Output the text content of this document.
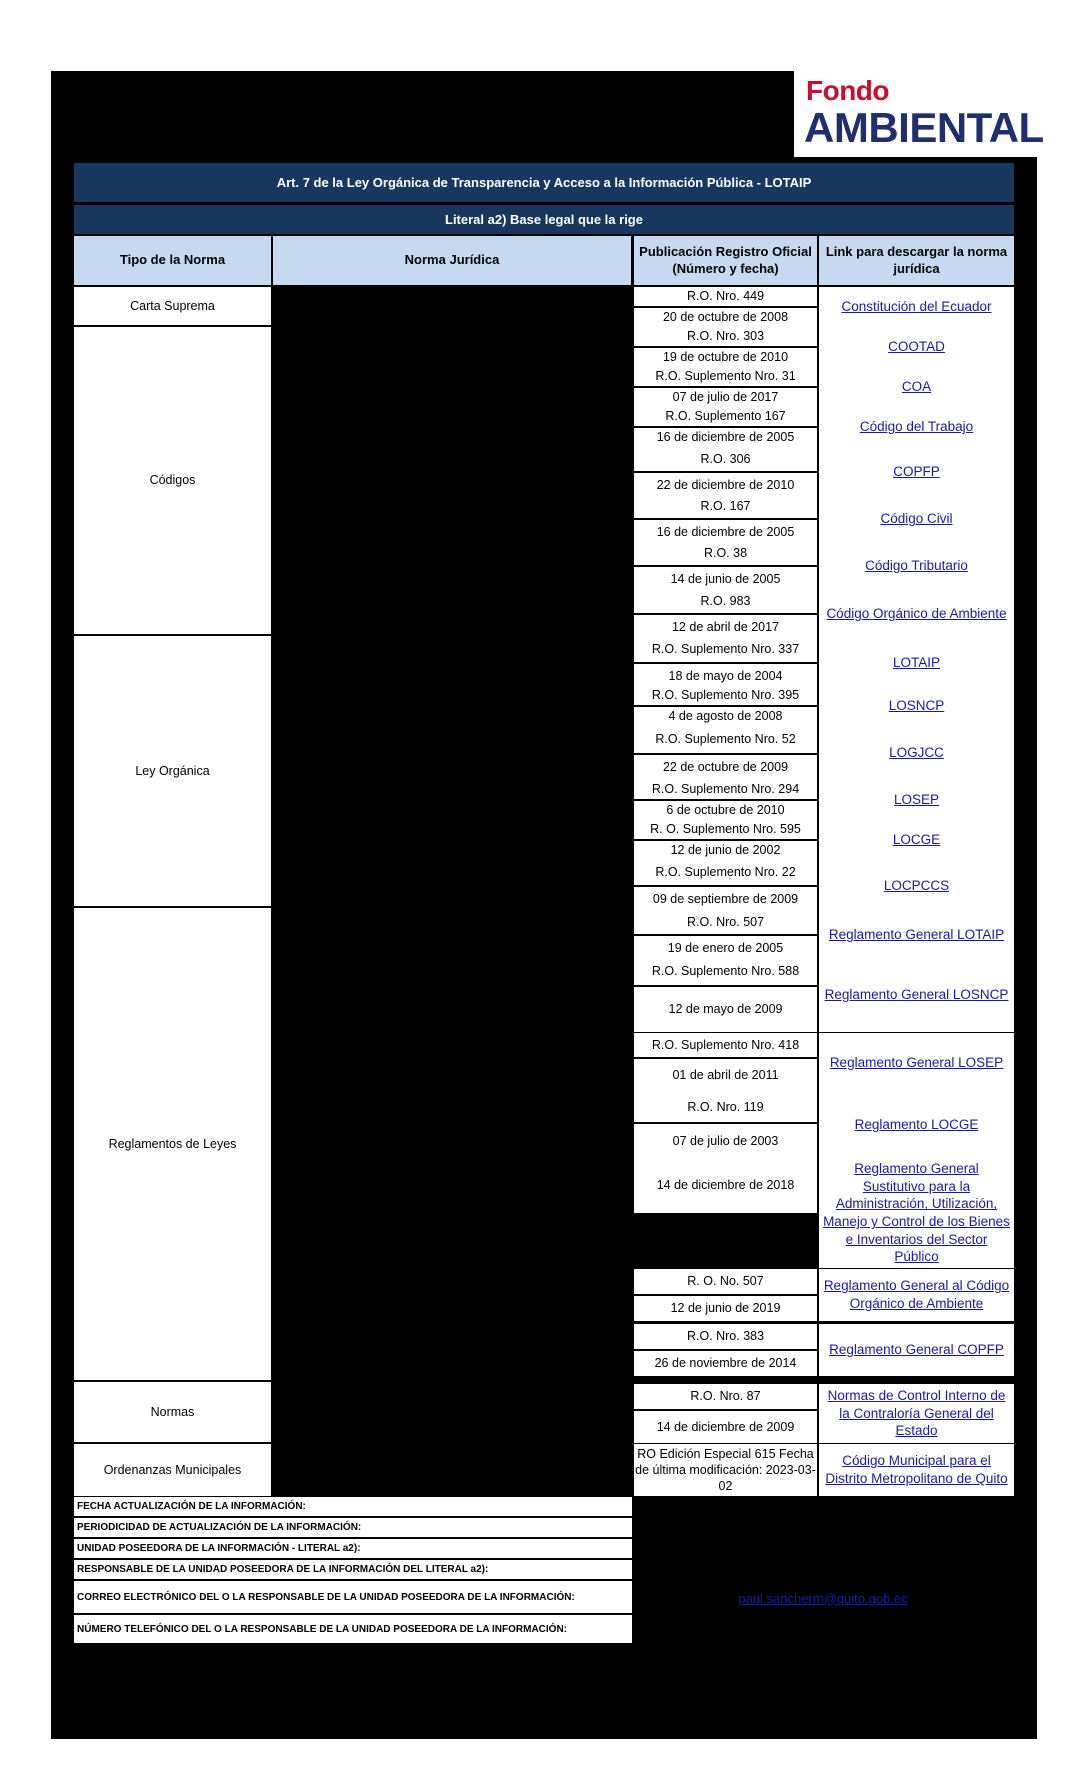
Fondo
AMBIENTAL
Art. 7 de la Ley Orgánica de Transparencia y Acceso a la Información Pública - LOTAIP
Literal a2) Base legal que la rige
Tipo de la Norma	Norma Jurídica
Publicación Registro Oficial (Número y fecha)
Link para descargar la norma jurídica
Carta Suprema
Códigos
Ley Orgánica
Reglamentos de Leyes
Normas
Ordenanzas Municipales
R.O. Nro. 449
20 de octubre de 2008
Constitución del Ecuador
R.O. Nro. 303
19 de octubre de 2010
COOTAD
R.O. Suplemento Nro. 31
07 de julio de 2017
COA
R.O. Suplemento 167
16 de diciembre de 2005
Código del Trabajo
R.O. 306
22 de diciembre de 2010
COPFP
R.O. 167
16 de diciembre de 2005
Código Civil
R.O. 38
14 de junio de 2005
Código Tributario
R.O. 983
12 de abril de 2017
Código Orgánico de Ambiente
R.O. Suplemento Nro. 337
18 de mayo de 2004
LOTAIP
R.O. Suplemento Nro. 395
4 de agosto de 2008
LOSNCP
R.O. Suplemento Nro. 52
22 de octubre de 2009
LOGJCC
R.O. Suplemento Nro. 294
6 de octubre de 2010
LOSEP
R. O. Suplemento Nro. 595
12 de junio de 2002
LOCGE
R.O. Suplemento Nro. 22
09 de septiembre de 2009
LOCPCCS
R.O. Nro. 507
19 de enero de 2005
Reglamento General LOTAIP
R.O. Suplemento Nro. 588
12 de mayo de 2009
Reglamento General LOSNCP
R.O. Suplemento Nro. 418
01 de abril de 2011
Reglamento General LOSEP
R.O. Nro. 119
07 de julio de 2003
Reglamento LOCGE
14 de diciembre de 2018
Reglamento General Sustitutivo para la Administración, Utilización, Manejo y Control de los Bienes e Inventarios del Sector Público
R. O. No. 507
12 de junio de 2019
Reglamento General al Código Orgánico de Ambiente
R.O. Nro. 383
26 de noviembre de 2014
Reglamento General COPFP
R.O. Nro. 87
14 de diciembre de 2009
Normas de Control Interno de la Contraloría General del Estado
RO Edición Especial 615 Fecha de última modificación: 2023-03-02
Código Municipal para el Distrito Metropolitano de Quito
FECHA ACTUALIZACIÓN DE LA INFORMACIÓN:
PERIODICIDAD DE ACTUALIZACIÓN DE LA INFORMACIÓN:
UNIDAD POSEEDORA DE LA INFORMACIÓN - LITERAL a2):
RESPONSABLE DE LA UNIDAD POSEEDORA DE LA INFORMACIÓN DEL LITERAL a2):
CORREO ELECTRÓNICO DEL O LA RESPONSABLE DE LA UNIDAD POSEEDORA DE LA INFORMACIÓN:
NÚMERO TELEFÓNICO DEL O LA RESPONSABLE DE LA UNIDAD POSEEDORA DE LA INFORMACIÓN:
paul.sancherm@quito.gob.ec
